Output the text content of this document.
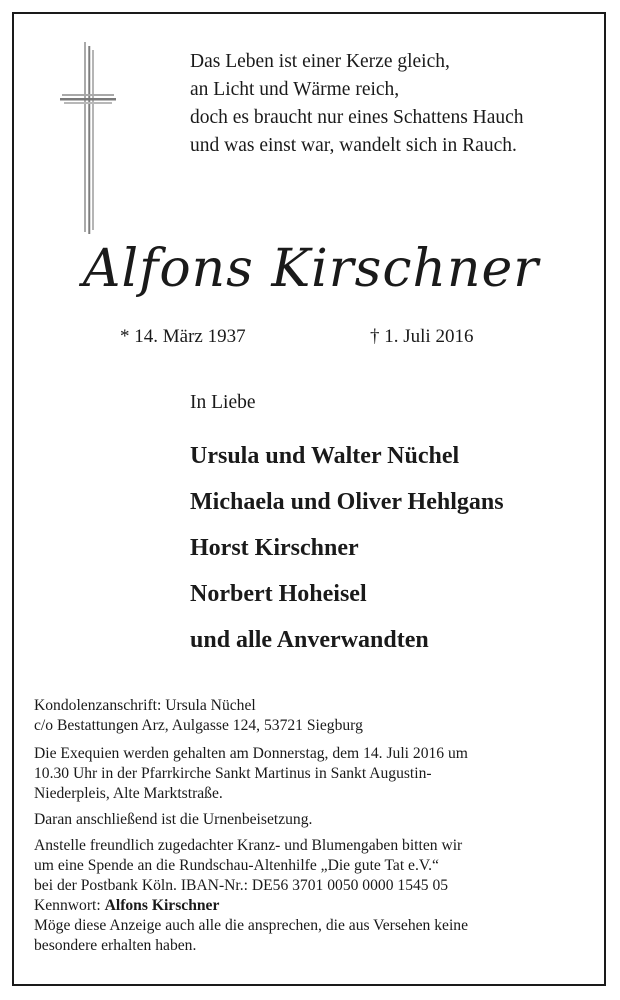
Das Leben ist einer Kerze gleich,
an Licht und Wärme reich,
doch es braucht nur eines Schattens Hauch
und was einst war, wandelt sich in Rauch.
Alfons Kirschner
* 14. März 1937	† 1. Juli 2016
In Liebe
Ursula und Walter Nüchel
Michaela und Oliver Hehlgans
Horst Kirschner
Norbert Hoheisel
und alle Anverwandten
Kondolenzanschrift: Ursula Nüchel
c/o Bestattungen Arz, Aulgasse 124, 53721 Siegburg
Die Exequien werden gehalten am Donnerstag, dem 14. Juli 2016 um
10.30 Uhr in der Pfarrkirche Sankt Martinus in Sankt Augustin-
Niederpleis, Alte Marktstraße.
Daran anschließend ist die Urnenbeisetzung.
Anstelle freundlich zugedachter Kranz- und Blumengaben bitten wir
um eine Spende an die Rundschau-Altenhilfe „Die gute Tat e.V.“
bei der Postbank Köln. IBAN-Nr.: DE56 3701 0050 0000 1545 05
Kennwort: Alfons Kirschner
Möge diese Anzeige auch alle die ansprechen, die aus Versehen keine
besondere erhalten haben.
